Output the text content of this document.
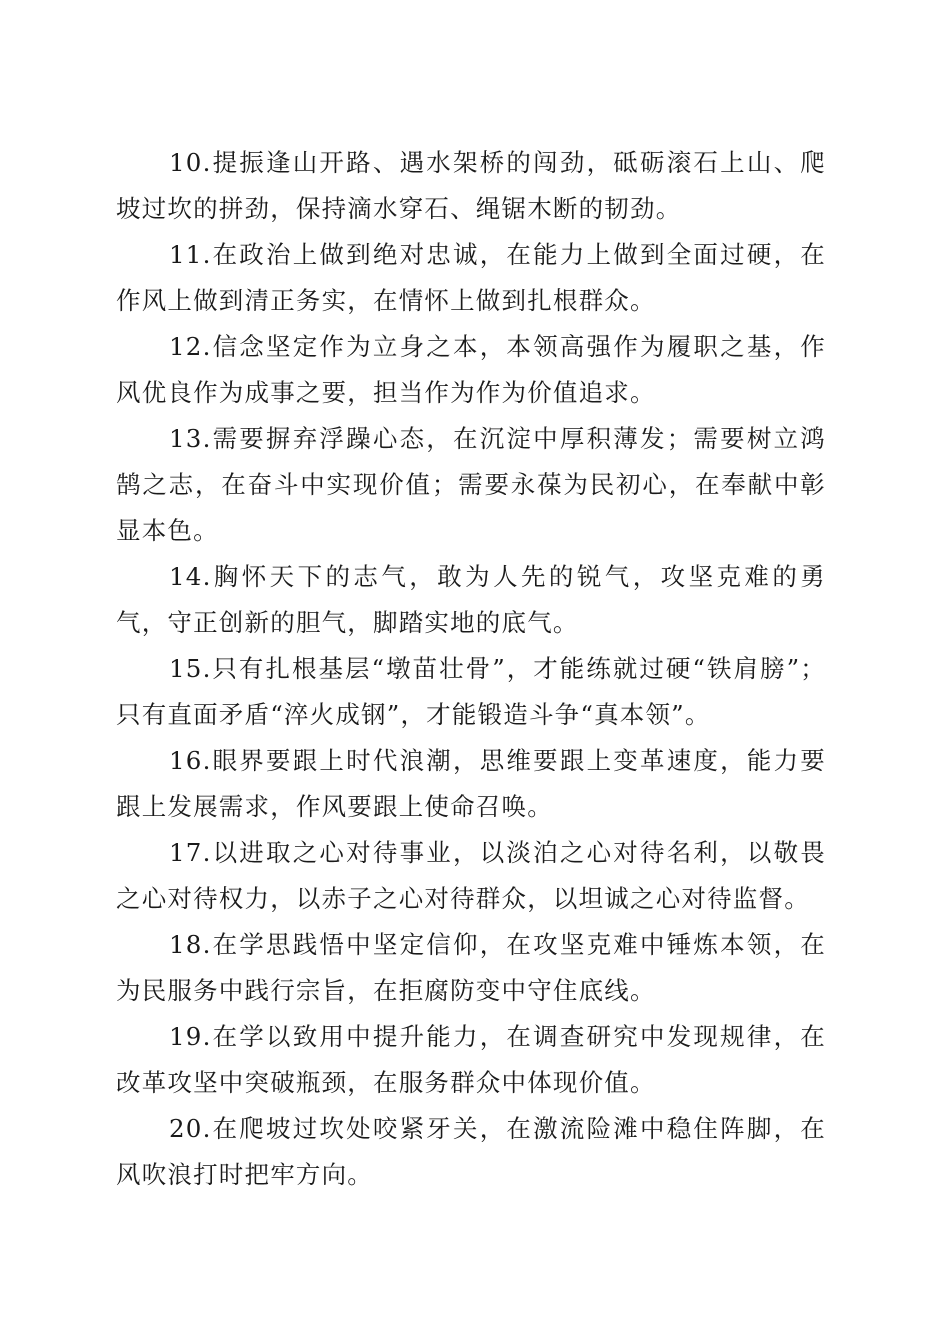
10.提振逢山开路、遇水架桥的闯劲，砥砺滚石上山、爬坡过坎的拼劲，保持滴水穿石、绳锯木断的韧劲。

11.在政治上做到绝对忠诚，在能力上做到全面过硬，在作风上做到清正务实，在情怀上做到扎根群众。

12.信念坚定作为立身之本，本领高强作为履职之基，作风优良作为成事之要，担当作为作为价值追求。

13.需要摒弃浮躁心态，在沉淀中厚积薄发；需要树立鸿鹄之志，在奋斗中实现价值；需要永葆为民初心，在奉献中彰显本色。

14.胸怀天下的志气，敢为人先的锐气，攻坚克难的勇气，守正创新的胆气，脚踏实地的底气。

15.只有扎根基层“墩苗壮骨”，才能练就过硬“铁肩膀”；只有直面矛盾“淬火成钢”，才能锻造斗争“真本领”。

16.眼界要跟上时代浪潮，思维要跟上变革速度，能力要跟上发展需求，作风要跟上使命召唤。

17.以进取之心对待事业，以淡泊之心对待名利，以敬畏之心对待权力，以赤子之心对待群众，以坦诚之心对待监督。

18.在学思践悟中坚定信仰，在攻坚克难中锤炼本领，在为民服务中践行宗旨，在拒腐防变中守住底线。

19.在学以致用中提升能力，在调查研究中发现规律，在改革攻坚中突破瓶颈，在服务群众中体现价值。

20.在爬坡过坎处咬紧牙关，在激流险滩中稳住阵脚，在风吹浪打时把牢方向。
